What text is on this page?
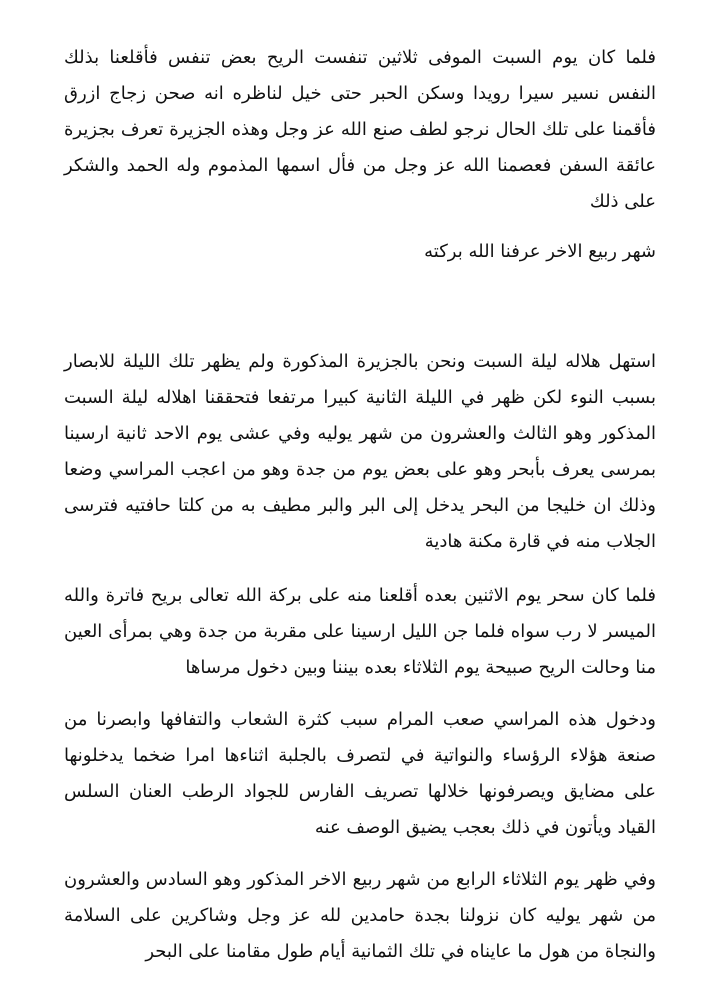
فلما كان يوم السبت الموفى ثلاثين تنفست الريح بعض تنفس فأقلعنا بذلك النفس نسير سيرا رويدا وسكن الحبر حتى خيل لناظره انه صحن زجاج ازرق فأقمنا على تلك الحال نرجو لطف صنع الله عز وجل وهذه الجزيرة تعرف بجزيرة عائقة السفن فعصمنا الله عز وجل من فأل اسمها المذموم وله الحمد والشكر على ذلك

شهر ربيع الاخر عرفنا الله بركته

استهل هلاله ليلة السبت ونحن بالجزيرة المذكورة ولم يظهر تلك الليلة للابصار بسبب النوء لكن ظهر في الليلة الثانية كبيرا مرتفعا فتحققنا اهلاله ليلة السبت المذكور وهو الثالث والعشرون من شهر يوليه وفي عشى يوم الاحد ثانية ارسينا بمرسى يعرف بأبحر وهو على بعض يوم من جدة وهو من اعجب المراسي وضعا وذلك ان خليجا من البحر يدخل إلى البر والبر مطيف به من كلتا حافتيه فترسى الجلاب منه في قارة مكنة هادية

فلما كان سحر يوم الاثنين بعده أقلعنا منه على بركة الله تعالى بريح فاترة والله الميسر لا رب سواه فلما جن الليل ارسينا على مقربة من جدة وهي بمرأى العين منا وحالت الريح صبيحة يوم الثلاثاء بعده بيننا وبين دخول مرساها

ودخول هذه المراسي صعب المرام سبب كثرة الشعاب والتفافها وابصرنا من صنعة هؤلاء الرؤساء والنواتية في لتصرف بالجلبة اثناءها امرا ضخما يدخلونها على مضايق ويصرفونها خلالها تصريف الفارس للجواد الرطب العنان السلس القياد ويأتون في ذلك بعجب يضيق الوصف عنه

وفي ظهر يوم الثلاثاء الرابع من شهر ربيع الاخر المذكور وهو السادس والعشرون من شهر يوليه كان نزولنا بجدة حامدين لله عز وجل وشاكرين على السلامة والنجاة من هول ما عايناه في تلك الثمانية أيام طول مقامنا على البحر
